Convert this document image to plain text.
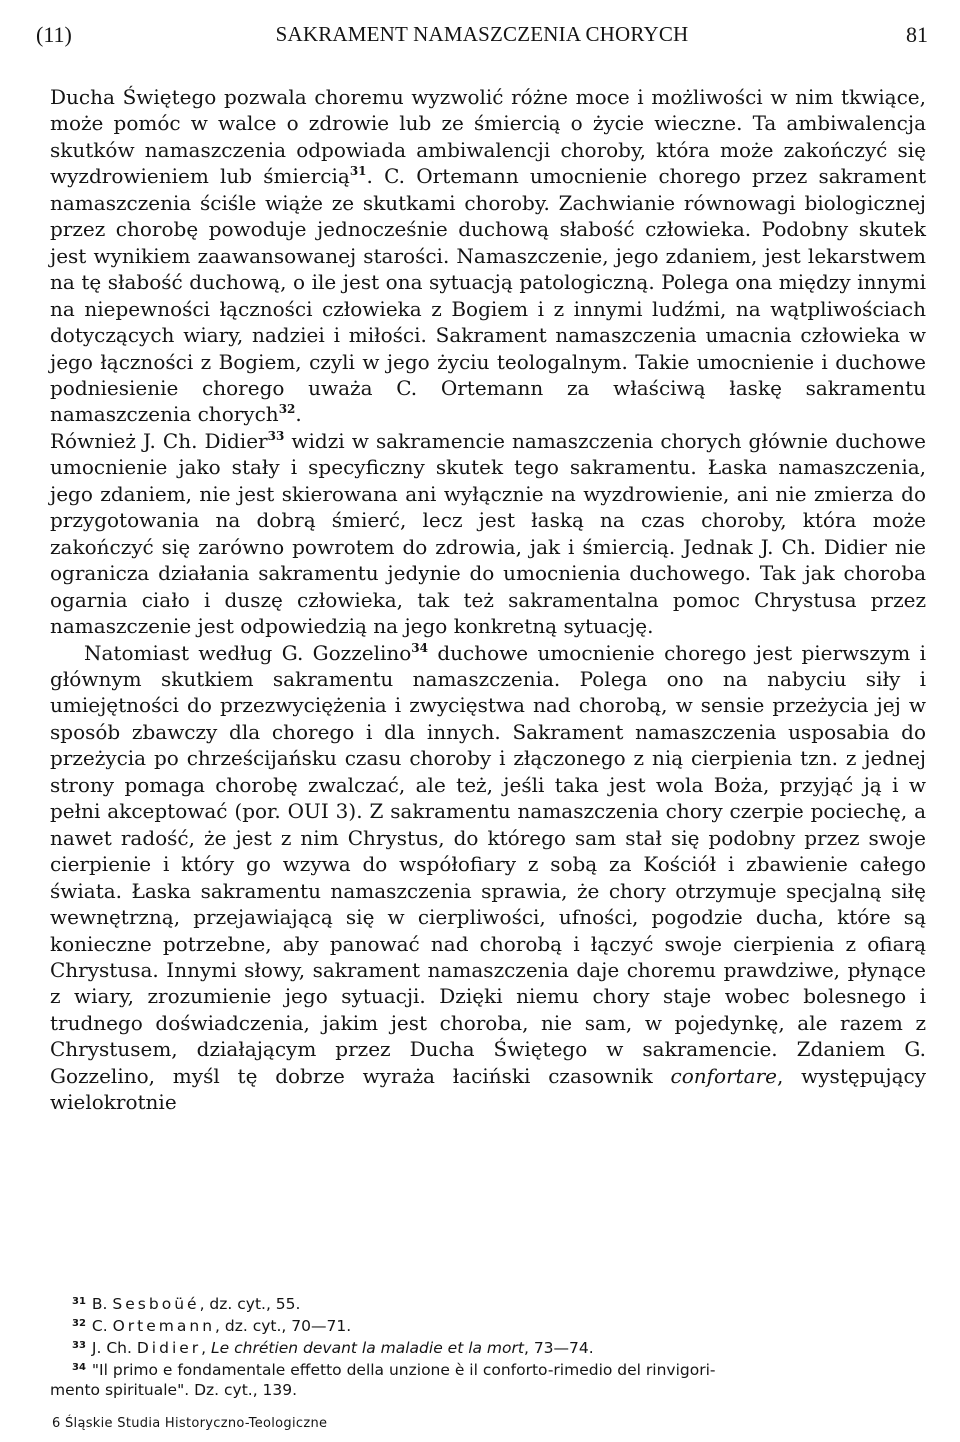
(11)	SAKRAMENT NAMASZCZENIA CHORYCH	81

Ducha Świętego pozwala choremu wyzwolić różne moce i możliwości w nim tkwiące, może pomóc w walce o zdrowie lub ze śmiercią o życie wieczne. Ta ambiwalencja skutków namaszczenia odpowiada ambiwalencji choroby, która może zakończyć się wyzdrowieniem lub śmiercią$^{31}$. C. Ortemann umocnienie chorego przez sakrament namaszczenia ściśle wiąże ze skutkami choroby. Zachwianie równowagi biologicznej przez chorobę powoduje jednocześnie duchową słabość człowieka. Podobny skutek jest wynikiem zaawansowanej starości. Namaszczenie, jego zdaniem, jest lekarstwem na tę słabość duchową, o ile jest ona sytuacją patologiczną. Polega ona między innymi na niepewności łączności człowieka z Bogiem i z innymi ludźmi, na wątpliwościach dotyczących wiary, nadziei i miłości. Sakrament namaszczenia umacnia człowieka w jego łączności z Bogiem, czyli w jego życiu teologalnym. Takie umocnienie i duchowe podniesienie chorego uważa C. Ortemann za właściwą łaskę sakramentu namaszczenia chorych$^{32}$.

Również J. Ch. Didier$^{33}$ widzi w sakramencie namaszczenia chorych głównie duchowe umocnienie jako stały i specyficzny skutek tego sakramentu. Łaska namaszczenia, jego zdaniem, nie jest skierowana ani wyłącznie na wyzdrowienie, ani nie zmierza do przygotowania na dobrą śmierć, lecz jest łaską na czas choroby, która może zakończyć się zarówno powrotem do zdrowia, jak i śmiercią. Jednak J. Ch. Didier nie ogranicza działania sakramentu jedynie do umocnienia duchowego. Tak jak choroba ogarnia ciało i duszę człowieka, tak też sakramentalna pomoc Chrystusa przez namaszczenie jest odpowiedzią na jego konkretną sytuację.

Natomiast według G. Gozzelino$^{34}$ duchowe umocnienie chorego jest pierwszym i głównym skutkiem sakramentu namaszczenia. Polega ono na nabyciu siły i umiejętności do przezwyciężenia i zwycięstwa nad chorobą, w sensie przeżycia jej w sposób zbawczy dla chorego i dla innych. Sakrament namaszczenia usposabia do przeżycia po chrześcijańsku czasu choroby i złączonego z nią cierpienia tzn. z jednej strony pomaga chorobę zwalczać, ale też, jeśli taka jest wola Boża, przyjąć ją i w pełni akceptować (por. OUI 3). Z sakramentu namaszczenia chory czerpie pociechę, a nawet radość, że jest z nim Chrystus, do którego sam stał się podobny przez swoje cierpienie i który go wzywa do współofiary z sobą za Kościół i zbawienie całego świata. Łaska sakramentu namaszczenia sprawia, że chory otrzymuje specjalną siłę wewnętrzną, przejawiającą się w cierpliwości, ufności, pogodzie ducha, które są konieczne potrzebne, aby panować nad chorobą i łączyć swoje cierpienia z ofiarą Chrystusa. Innymi słowy, sakrament namaszczenia daje choremu prawdziwe, płynące z wiary, zrozumienie jego sytuacji. Dzięki niemu chory staje wobec bolesnego i trudnego doświadczenia, jakim jest choroba, nie sam, w pojedynkę, ale razem z Chrystusem, działającym przez Ducha Świętego w sakramencie. Zdaniem G. Gozzelino, myśl tę dobrze wyraża łaciński czasownik confortare, występujący wielokrotnie

$^{31}$ B. Sesboüé, dz. cyt., 55.

$^{32}$ C. Ortemann, dz. cyt., 70—71.

$^{33}$ J. Ch. Didier, Le chrétien devant la maladie et la mort, 73—74.

$^{34}$ "Il primo e fondamentale effetto della unzione è il conforto-rimedio del rinvigori-

mento spirituale". Dz. cyt., 139.

6 Śląskie Studia Historyczno-Teologiczne
